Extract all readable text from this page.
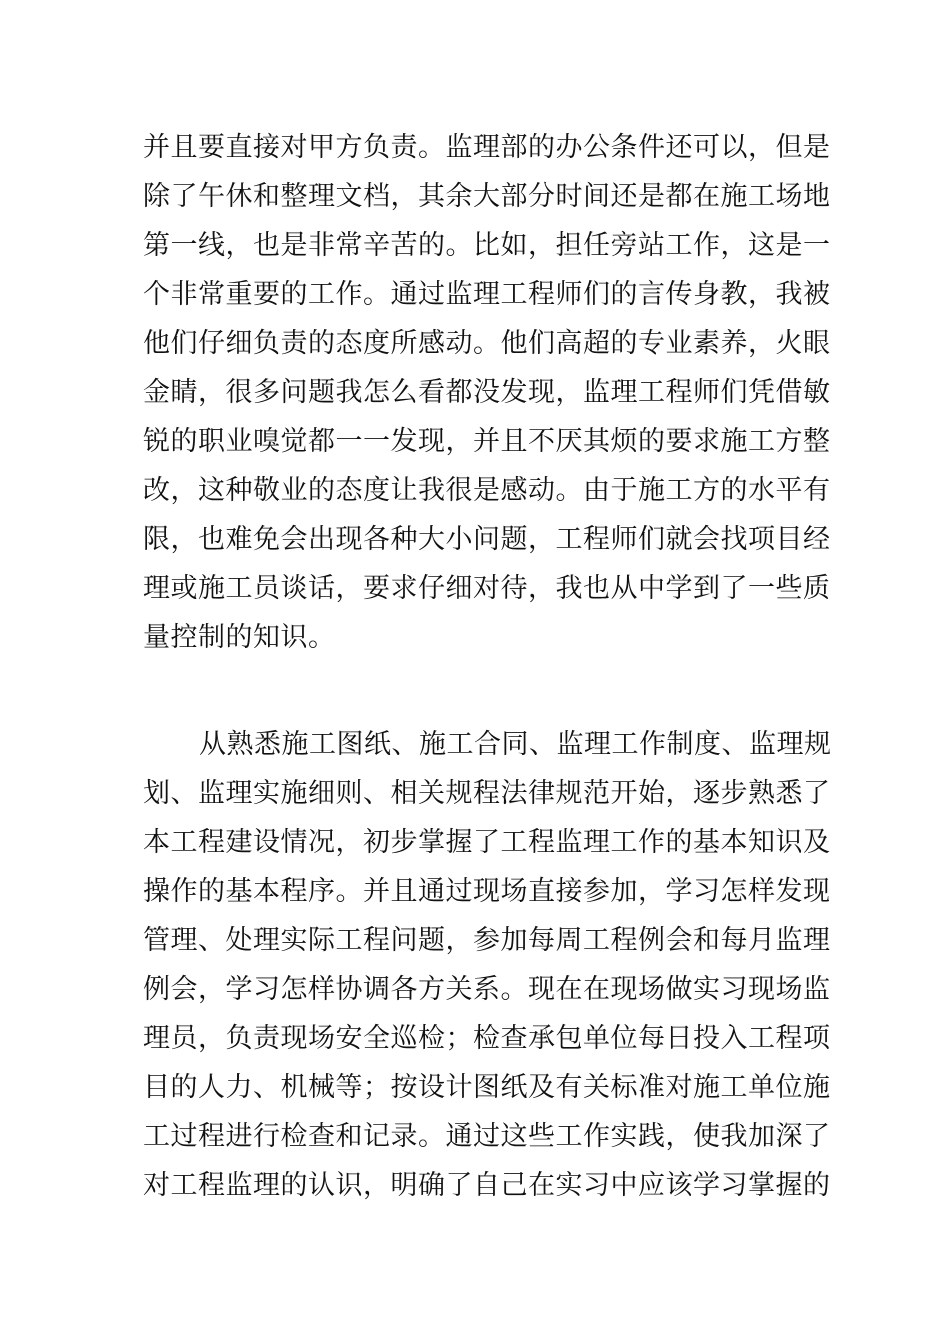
并且要直接对甲方负责。监理部的办公条件还可以，但是
除了午休和整理文档，其余大部分时间还是都在施工场地
第一线，也是非常辛苦的。比如，担任旁站工作，这是一
个非常重要的工作。通过监理工程师们的言传身教，我被
他们仔细负责的态度所感动。他们高超的专业素养，火眼
金睛，很多问题我怎么看都没发现，监理工程师们凭借敏
锐的职业嗅觉都一一发现，并且不厌其烦的要求施工方整
改，这种敬业的态度让我很是感动。由于施工方的水平有
限，也难免会出现各种大小问题，工程师们就会找项目经
理或施工员谈话，要求仔细对待，我也从中学到了一些质
量控制的知识。
从熟悉施工图纸、施工合同、监理工作制度、监理规
划、监理实施细则、相关规程法律规范开始，逐步熟悉了
本工程建设情况，初步掌握了工程监理工作的基本知识及
操作的基本程序。并且通过现场直接参加，学习怎样发现
管理、处理实际工程问题，参加每周工程例会和每月监理
例会，学习怎样协调各方关系。现在在现场做实习现场监
理员，负责现场安全巡检；检查承包单位每日投入工程项
目的人力、机械等；按设计图纸及有关标准对施工单位施
工过程进行检查和记录。通过这些工作实践，使我加深了
对工程监理的认识，明确了自己在实习中应该学习掌握的
